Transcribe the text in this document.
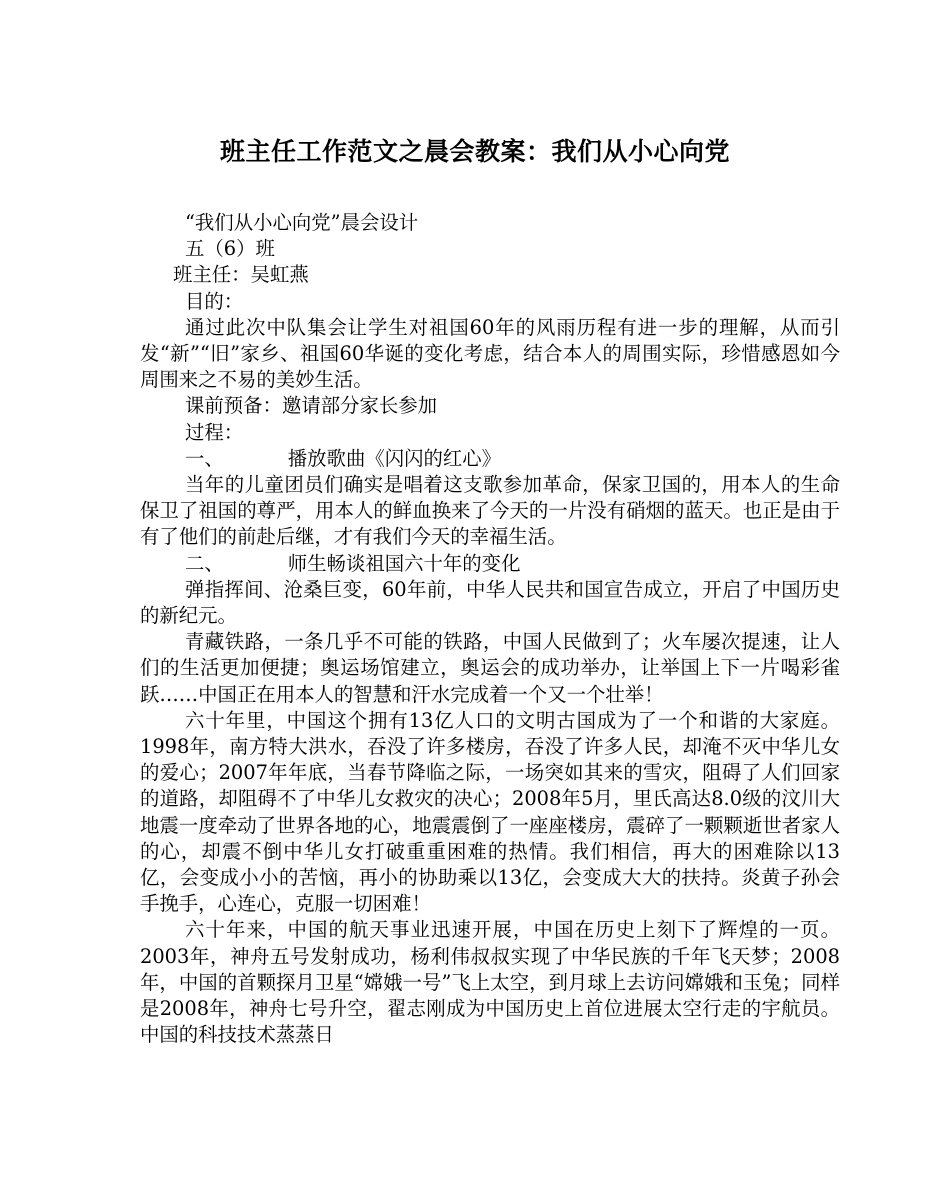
班主任工作范文之晨会教案：我们从小心向党

“我们从小心向党”晨会设计

五（6）班

班主任：吴虹燕

目的：

通过此次中队集会让学生对祖国60年的风雨历程有进一步的理解，从而引发“新”“旧”家乡、祖国60华诞的变化考虑，结合本人的周围实际，珍惜感恩如今周围来之不易的美妙生活。

课前预备：邀请部分家长参加

过程：

一、	播放歌曲《闪闪的红心》

当年的儿童团员们确实是唱着这支歌参加革命，保家卫国的，用本人的生命保卫了祖国的尊严，用本人的鲜血换来了今天的一片没有硝烟的蓝天。也正是由于有了他们的前赴后继，才有我们今天的幸福生活。

二、	师生畅谈祖国六十年的变化

弹指挥间、沧桑巨变，60年前，中华人民共和国宣告成立，开启了中国历史的新纪元。

青藏铁路，一条几乎不可能的铁路，中国人民做到了；火车屡次提速，让人们的生活更加便捷；奥运场馆建立，奥运会的成功举办，让举国上下一片喝彩雀跃……中国正在用本人的智慧和汗水完成着一个又一个壮举！

六十年里，中国这个拥有13亿人口的文明古国成为了一个和谐的大家庭。1998年，南方特大洪水，吞没了许多楼房，吞没了许多人民，却淹不灭中华儿女的爱心；2007年年底，当春节降临之际，一场突如其来的雪灾，阻碍了人们回家的道路，却阻碍不了中华儿女救灾的决心；2008年5月，里氏高达8.0级的汶川大地震一度牵动了世界各地的心，地震震倒了一座座楼房，震碎了一颗颗逝世者家人的心，却震不倒中华儿女打破重重困难的热情。我们相信，再大的困难除以13亿，会变成小小的苦恼，再小的协助乘以13亿，会变成大大的扶持。炎黄子孙会手挽手，心连心，克服一切困难！

六十年来，中国的航天事业迅速开展，中国在历史上刻下了辉煌的一页。2003年，神舟五号发射成功，杨利伟叔叔实现了中华民族的千年飞天梦；2008年，中国的首颗探月卫星“嫦娥一号”飞上太空，到月球上去访问嫦娥和玉兔；同样是2008年，神舟七号升空，翟志刚成为中国历史上首位进展太空行走的宇航员。中国的科技技术蒸蒸日
